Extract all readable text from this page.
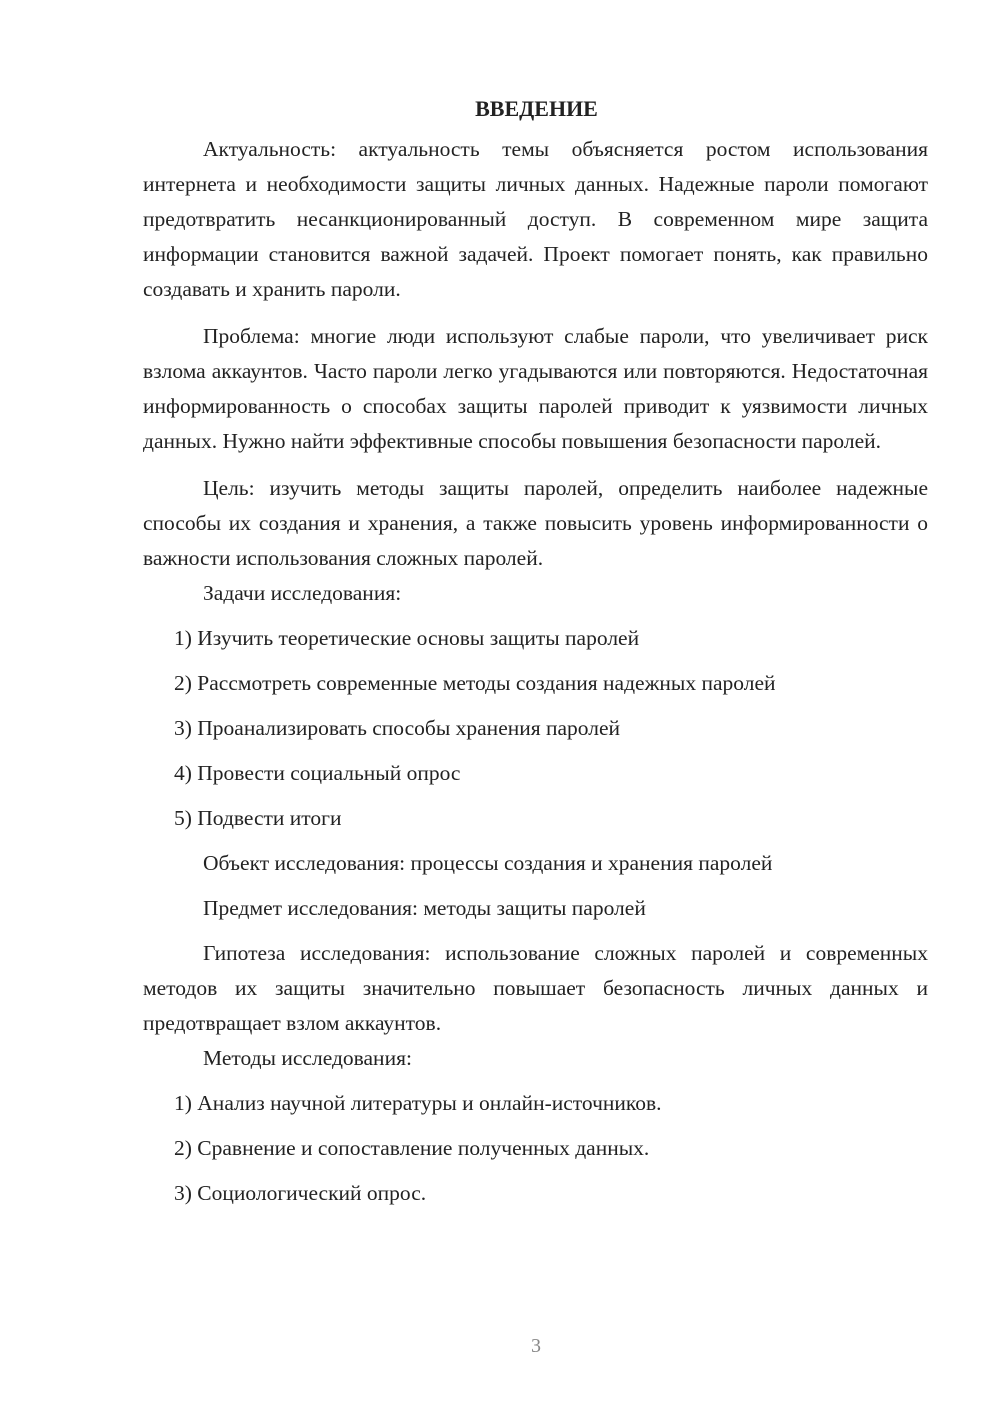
ВВЕДЕНИЕ

Актуальность: актуальность темы объясняется ростом использования интернета и необходимости защиты личных данных. Надежные пароли помогают предотвратить несанкционированный доступ. В современном мире защита информации становится важной задачей. Проект помогает понять, как правильно создавать и хранить пароли.

Проблема: многие люди используют слабые пароли, что увеличивает риск взлома аккаунтов. Часто пароли легко угадываются или повторяются. Недостаточная информированность о способах защиты паролей приводит к уязвимости личных данных. Нужно найти эффективные способы повышения безопасности паролей.

Цель: изучить методы защиты паролей, определить наиболее надежные способы их создания и хранения, а также повысить уровень информированности о важности использования сложных паролей.

Задачи исследования:

1) Изучить теоретические основы защиты паролей

2) Рассмотреть современные методы создания надежных паролей

3) Проанализировать способы хранения паролей

4) Провести социальный опрос

5) Подвести итоги

Объект исследования: процессы создания и хранения паролей

Предмет исследования: методы защиты паролей

Гипотеза исследования: использование сложных паролей и современных методов их защиты значительно повышает безопасность личных данных и предотвращает взлом аккаунтов.

Методы исследования:

1) Анализ научной литературы и онлайн-источников.

2) Сравнение и сопоставление полученных данных.

3) Социологический опрос.

3
